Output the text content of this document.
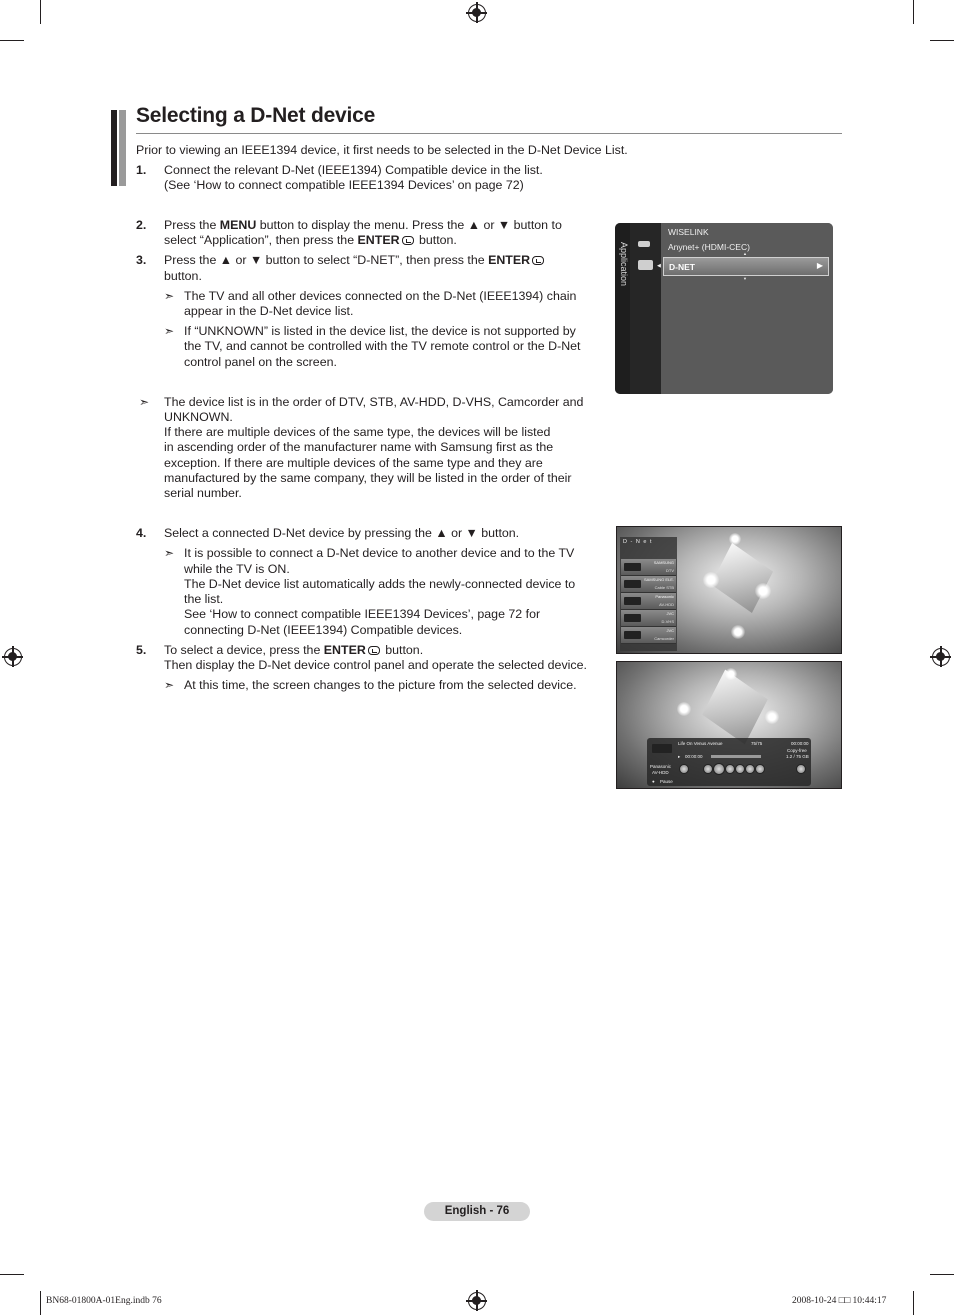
Selecting a D-Net device
Prior to viewing an IEEE1394 device, it first needs to be selected in the D-Net Device List.
1. Connect the relevant D-Net (IEEE1394) Compatible device in the list.
(See ‘How to connect compatible IEEE1394 Devices’ on page 72)
2. Press the MENU button to display the menu. Press the ▲ or ▼ button to
select “Application”, then press the ENTER button.
3. Press the ▲ or ▼ button to select “D-NET”, then press the ENTER
button.
➣ The TV and all other devices connected on the D-Net (IEEE1394) chain
appear in the D-Net device list.
➣ If “UNKNOWN” is listed in the device list, the device is not supported by
the TV, and cannot be controlled with the TV remote control or the D-Net
control panel on the screen.
➣ The device list is in the order of DTV, STB, AV-HDD, D-VHS, Camcorder and
UNKNOWN.
If there are multiple devices of the same type, the devices will be listed
in ascending order of the manufacturer name with Samsung first as the
exception. If there are multiple devices of the same type and they are
manufactured by the same company, they will be listed in the order of their
serial number.
4. Select a connected D-Net device by pressing the ▲ or ▼ button.
➣ It is possible to connect a D-Net device to another device and to the TV
while the TV is ON.
The D-Net device list automatically adds the newly-connected device to
the list.
See ‘How to connect compatible IEEE1394 Devices’, page 72 for
connecting D-Net (IEEE1394) Compatible devices.
5. To select a device, press the ENTER button.
Then display the D-Net device control panel and operate the selected device.
➣ At this time, the screen changes to the picture from the selected device.
Application
WISELINK
Anynet+ (HDMI-CEC)
▲
D-NET	▶
▼
◀
D - N e t
SAMSUNG
DTV
SAMSUNG ELE.
Cable STB
Panasonic
AV-HDD
JVC
D-VHS
JVC
Camcorder
Life On Venus Avenue	75/75	00:00:00
Copy-free
▸ 00:00:00	1.2 / 75 GB
Panasonic
AV-HDD
● Pause
English - 76
BN68-01800A-01Eng.indb 76	2008-10-24 □□ 10:44:17
